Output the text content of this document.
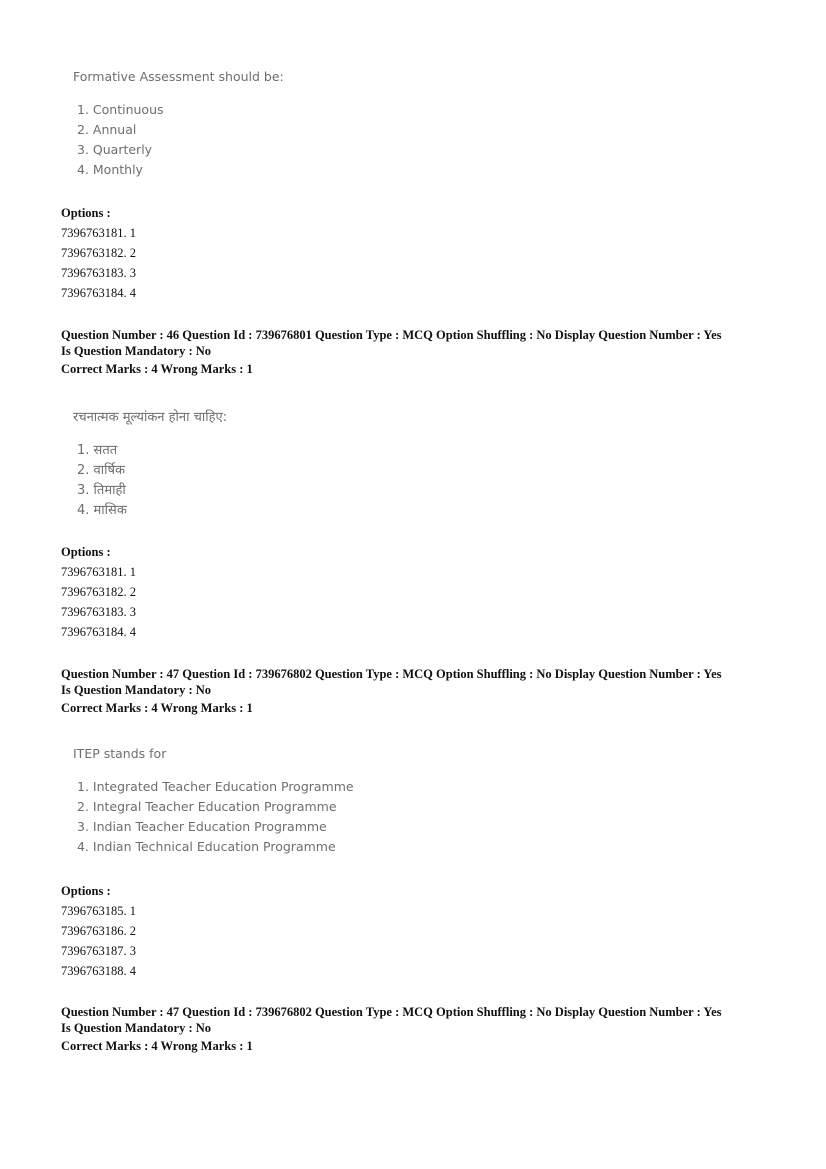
Formative Assessment should be:
1. Continuous
2. Annual
3. Quarterly
4. Monthly
Options :
7396763181. 1
7396763182. 2
7396763183. 3
7396763184. 4
Question Number : 46 Question Id : 739676801 Question Type : MCQ Option Shuffling : No Display Question Number : Yes
Is Question Mandatory : No
Correct Marks : 4 Wrong Marks : 1
रचनात्मक मूल्यांकन होना चाहिए:
1. सतत
2. वार्षिक
3. तिमाही
4. मासिक
Options :
7396763181. 1
7396763182. 2
7396763183. 3
7396763184. 4
Question Number : 47 Question Id : 739676802 Question Type : MCQ Option Shuffling : No Display Question Number : Yes
Is Question Mandatory : No
Correct Marks : 4 Wrong Marks : 1
ITEP stands for
1. Integrated Teacher Education Programme
2. Integral Teacher Education Programme
3. Indian Teacher Education Programme
4. Indian Technical Education Programme
Options :
7396763185. 1
7396763186. 2
7396763187. 3
7396763188. 4
Question Number : 47 Question Id : 739676802 Question Type : MCQ Option Shuffling : No Display Question Number : Yes
Is Question Mandatory : No
Correct Marks : 4 Wrong Marks : 1
